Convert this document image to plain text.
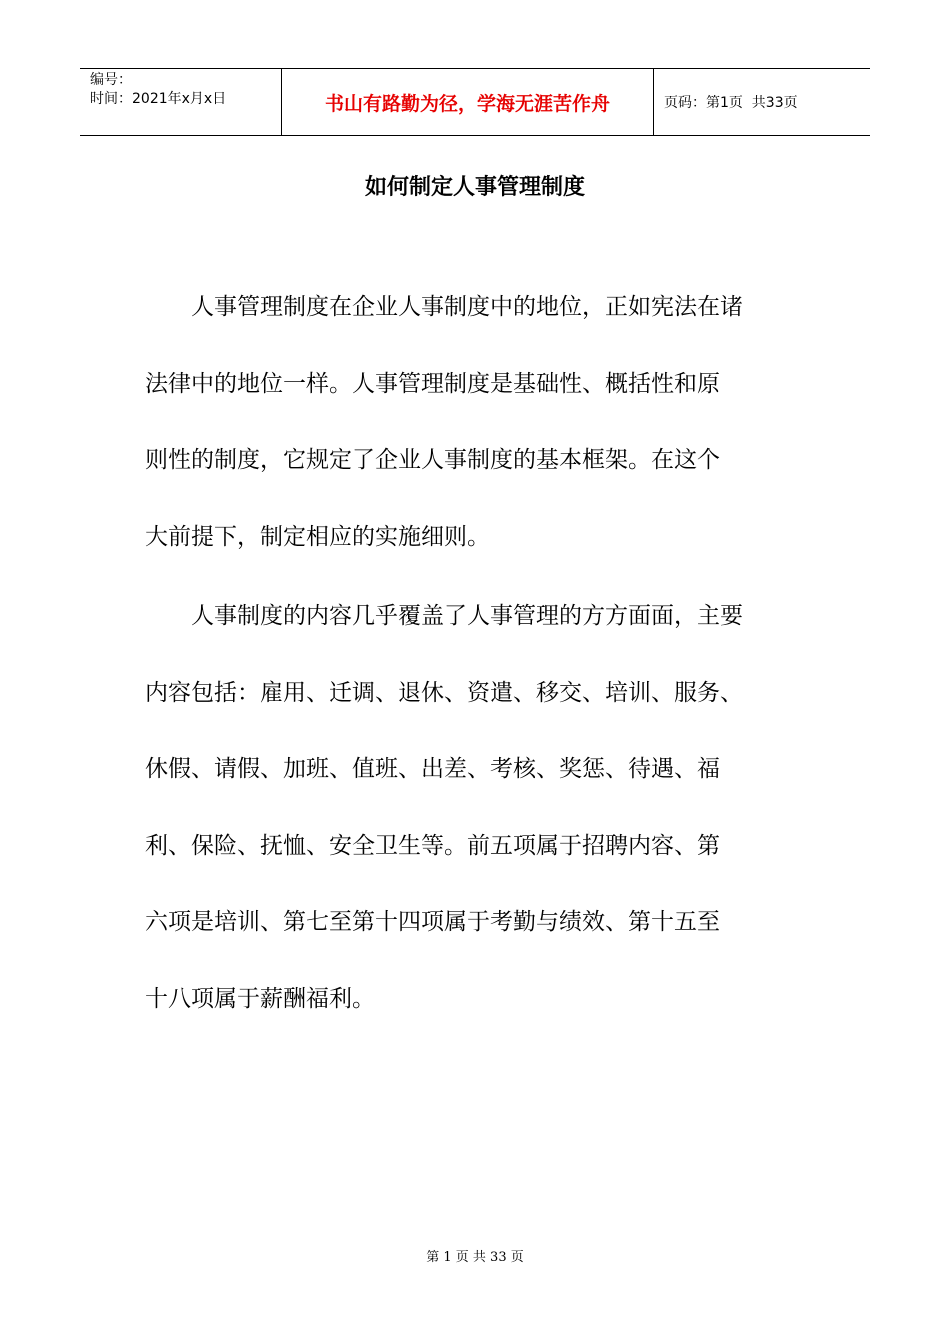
编号：
时间：2021年x月x日	书山有路勤为径，学海无涯苦作舟	页码：第1页  共33页
如何制定人事管理制度
　　人事管理制度在企业人事制度中的地位，正如宪法在诸
法律中的地位一样。人事管理制度是基础性、概括性和原
则性的制度，它规定了企业人事制度的基本框架。在这个
大前提下，制定相应的实施细则。
　　人事制度的内容几乎覆盖了人事管理的方方面面，主要
内容包括：雇用、迁调、退休、资遣、移交、培训、服务、
休假、请假、加班、值班、出差、考核、奖惩、待遇、福
利、保险、抚恤、安全卫生等。前五项属于招聘内容、第
六项是培训、第七至第十四项属于考勤与绩效、第十五至
十八项属于薪酬福利。
第 1 页 共 33 页
